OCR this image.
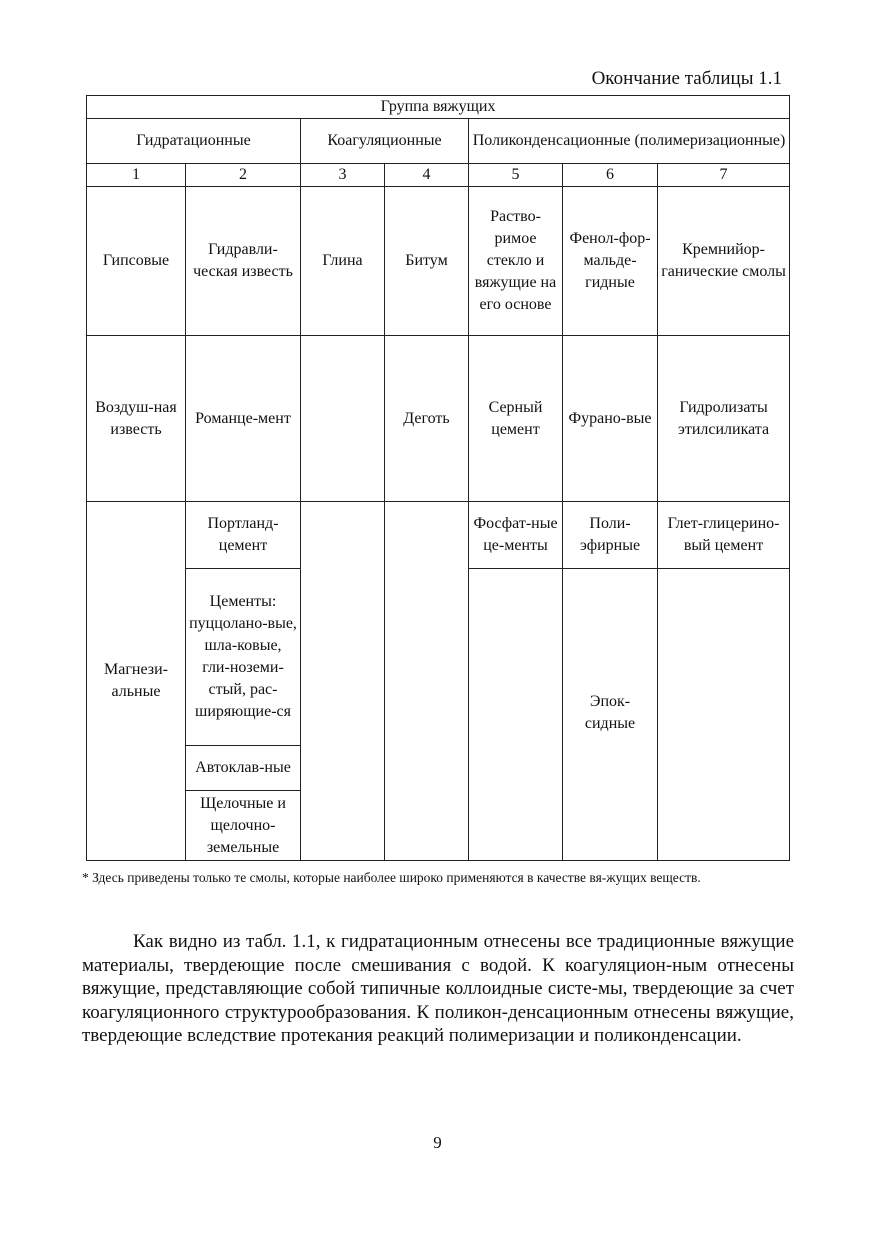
Окончание таблицы 1.1
Группа вяжущих						
Гидратационные		Коагуляционные		Поликонденсационные (полимеризационные)		
1	2	3	4	5	6	7
Гипсовые	Гидравли-ческая известь	Глина	Битум	Раство-римое стекло и вяжущие на его основе	Фенол-фор-мальде-гидные	Кремнийор-ганические смолы
Воздуш-ная известь	Романце-мент		Деготь	Серный цемент	Фурано-вые	Гидролизаты этилсиликата
Магнези-альные	Портланд-цемент			Фосфат-ные це-менты	Поли-эфирные	Глет-глицерино-вый цемент
	Цементы: пуццолано-вые, шла-ковые, гли-ноземи-стый, рас-ширяющие-ся				Эпок-сидные	

	Автоклав-ные					
	Щелочные и щелочно-земельные					
* Здесь приведены только те смолы, которые наиболее широко применяются в качестве вя-жущих веществ.
Как видно из табл. 1.1, к гидратационным отнесены все традиционные вяжущие материалы, твердеющие после смешивания с водой. К коагуляцион-ным отнесены вяжущие, представляющие собой типичные коллоидные систе-мы, твердеющие за счет коагуляционного структурообразования. К поликон-денсационным отнесены вяжущие, твердеющие вследствие протекания реакций полимеризации и поликонденсации.
9
